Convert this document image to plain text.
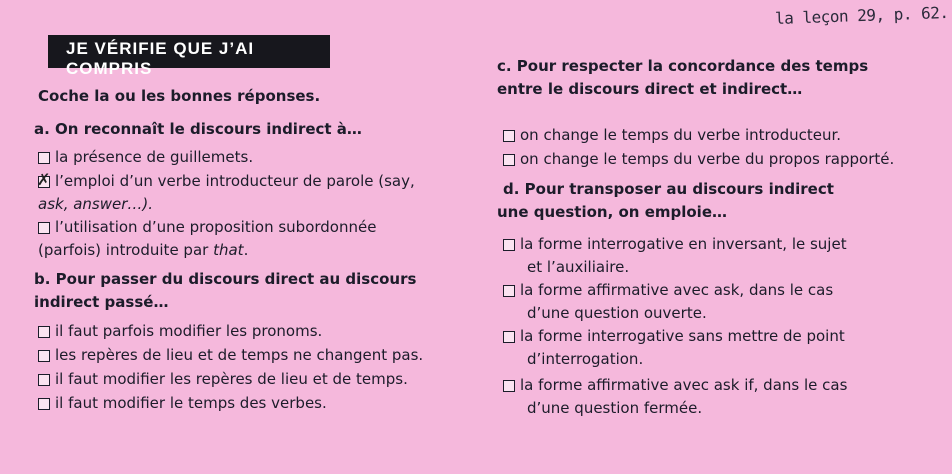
la leçon 29, p. 62.
JE VÉRIFIE QUE J’AI COMPRIS
Coche la ou les bonnes réponses.
a. On reconnaît le discours indirect à…
la présence de guillemets.
✗
l’emploi d’un verbe introducteur de parole (say,
ask, answer…).
l’utilisation d’une proposition subordonnée
(parfois) introduite par that.
b. Pour passer du discours direct au discours
indirect passé…
il faut parfois modifier les pronoms.
les repères de lieu et de temps ne changent pas.
il faut modifier les repères de lieu et de temps.
il faut modifier le temps des verbes.
c. Pour respecter la concordance des temps
entre le discours direct et indirect…
on change le temps du verbe introducteur.
on change le temps du verbe du propos rapporté.
d. Pour transposer au discours indirect
une question, on emploie…
la forme interrogative en inversant, le sujet
et l’auxiliaire.
la forme affirmative avec ask, dans le cas
d’une question ouverte.
la forme interrogative sans mettre de point
d’interrogation.
la forme affirmative avec ask if, dans le cas
d’une question fermée.
